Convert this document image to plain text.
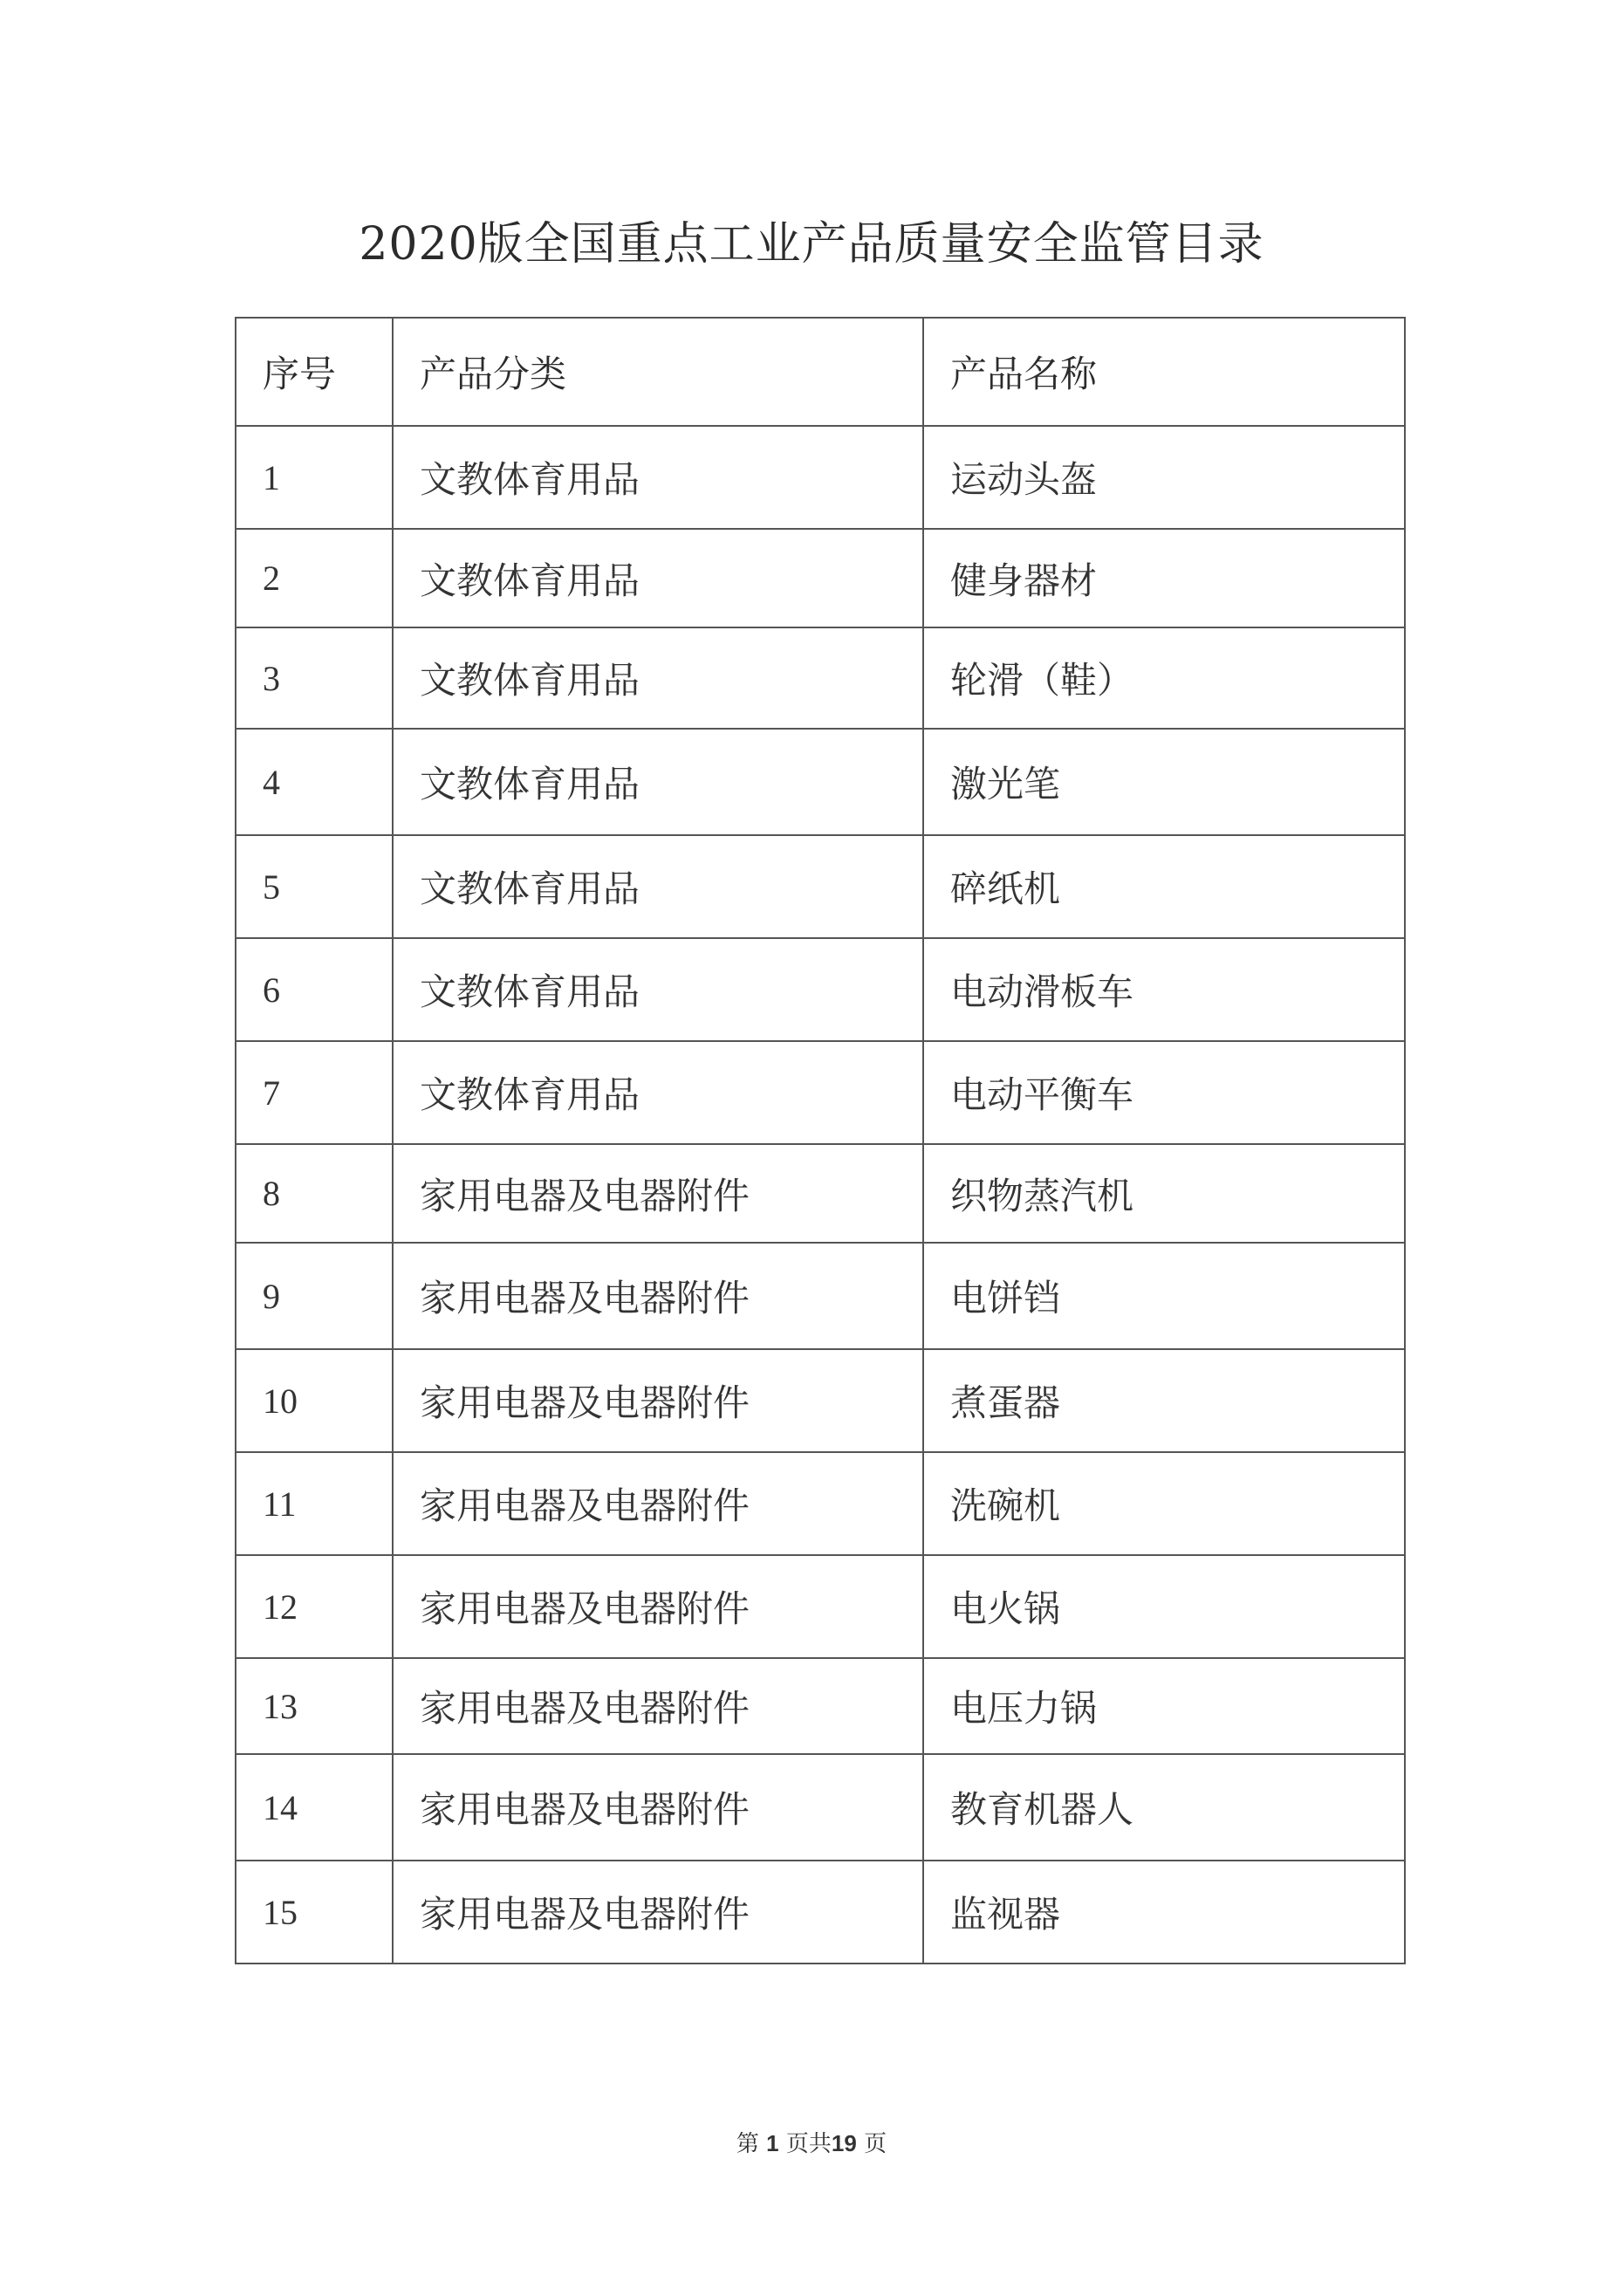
2020版全国重点工业产品质量安全监管目录
序号	产品分类	产品名称
1	文教体育用品	运动头盔
2	文教体育用品	健身器材
3	文教体育用品	轮滑（鞋）
4	文教体育用品	激光笔
5	文教体育用品	碎纸机
6	文教体育用品	电动滑板车
7	文教体育用品	电动平衡车
8	家用电器及电器附件	织物蒸汽机
9	家用电器及电器附件	电饼铛
10	家用电器及电器附件	煮蛋器
11	家用电器及电器附件	洗碗机
12	家用电器及电器附件	电火锅
13	家用电器及电器附件	电压力锅
14	家用电器及电器附件	教育机器人
15	家用电器及电器附件	监视器
第 1 页共19 页
